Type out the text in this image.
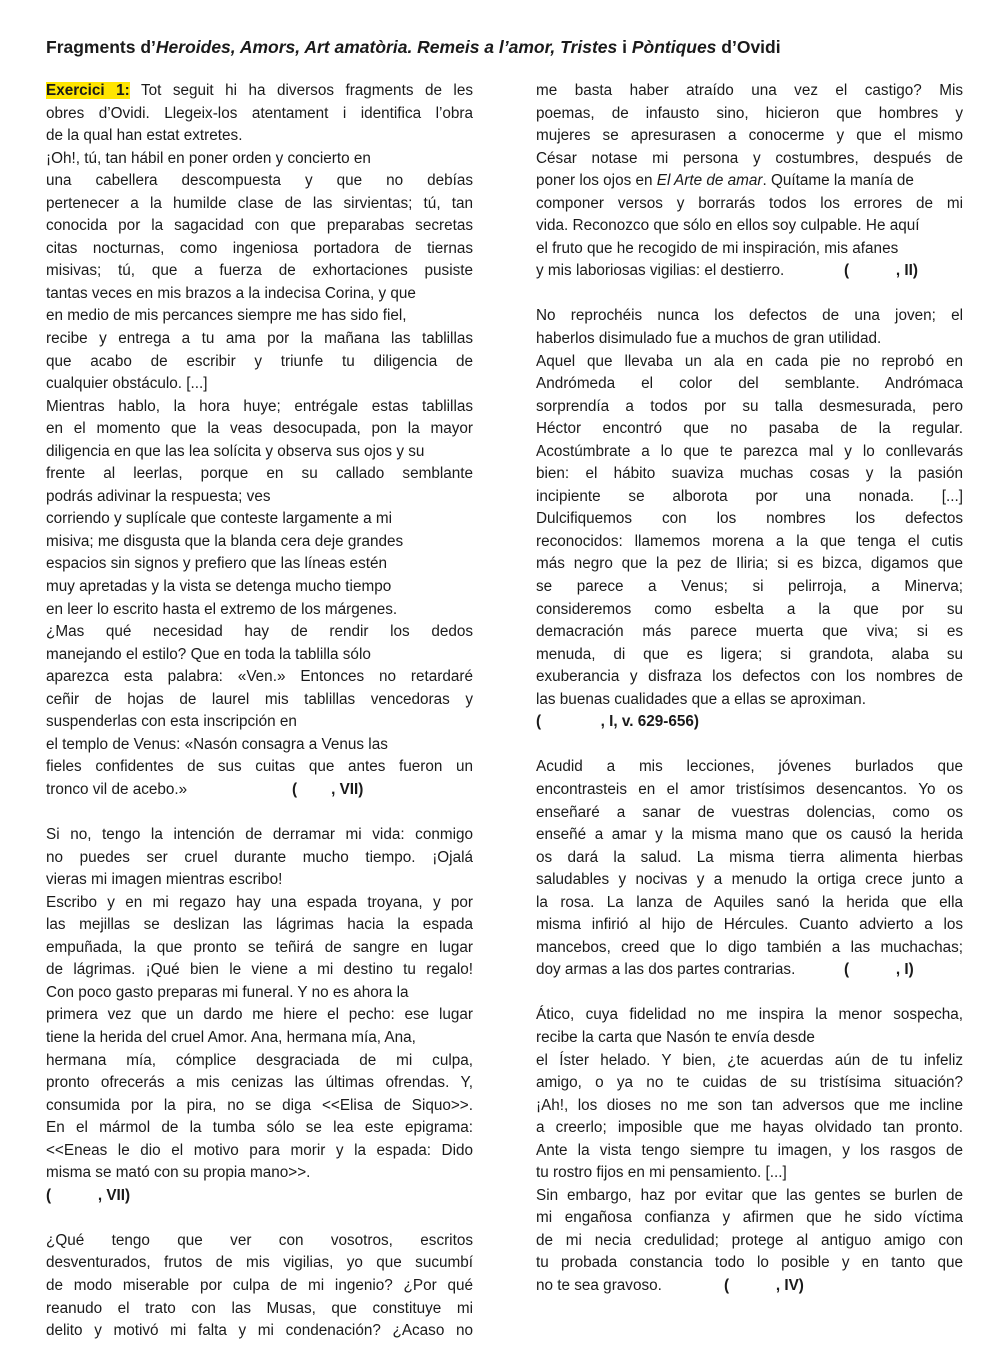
Fragments d’Heroides, Amors, Art amatòria. Remeis a l’amor, Tristes i Pòntiques d’Ovidi
Exercici 1: Tot seguit hi ha diversos fragments de les
obres d’Ovidi. Llegeix-los atentament i identifica l’obra
de la qual han estat extretes.
¡Oh!, tú, tan hábil en poner orden y concierto en
una cabellera descompuesta y que no debías
pertenecer a la humilde clase de las sirvientas; tú, tan
conocida por la sagacidad con que preparabas secretas
citas nocturnas, como ingeniosa portadora de tiernas
misivas; tú, que a fuerza de exhortaciones pusiste
tantas veces en mis brazos a la indecisa Corina, y que
en medio de mis percances siempre me has sido fiel,
recibe y entrega a tu ama por la mañana las tablillas
que acabo de escribir y triunfe tu diligencia de
cualquier obstáculo. [...]
Mientras hablo, la hora huye; entrégale estas tablillas
en el momento que la veas desocupada, pon la mayor
diligencia en que las lea solícita y observa sus ojos y su
frente al leerlas, porque en su callado semblante
podrás adivinar la respuesta; ves
corriendo y suplícale que conteste largamente a mi
misiva; me disgusta que la blanda cera deje grandes
espacios sin signos y prefiero que las líneas estén
muy apretadas y la vista se detenga mucho tiempo
en leer lo escrito hasta el extremo de los márgenes.
¿Mas qué necesidad hay de rendir los dedos
manejando el estilo? Que en toda la tablilla sólo
aparezca esta palabra: «Ven.» Entonces no retardaré
ceñir de hojas de laurel mis tablillas vencedoras y
suspenderlas con esta inscripción en
el templo de Venus: «Nasón consagra a Venus las
fieles confidentes de sus cuitas que antes fueron un
tronco vil de acebo.»	(        , VII)
Si no, tengo la intención de derramar mi vida: conmigo
no puedes ser cruel durante mucho tiempo. ¡Ojalá
vieras mi imagen mientras escribo!
Escribo y en mi regazo hay una espada troyana, y por
las mejillas se deslizan las lágrimas hacia la espada
empuñada, la que pronto se teñirá de sangre en lugar
de lágrimas. ¡Qué bien le viene a mi destino tu regalo!
Con poco gasto preparas mi funeral. Y no es ahora la
primera vez que un dardo me hiere el pecho: ese lugar
tiene la herida del cruel Amor. Ana, hermana mía, Ana,
hermana mía, cómplice desgraciada de mi culpa,
pronto ofrecerás a mis cenizas las últimas ofrendas. Y,
consumida por la pira, no se diga <<Elisa de Siquo>>.
En el mármol de la tumba sólo se lea este epigrama:
<<Eneas le dio el motivo para morir y la espada: Dido
misma se mató con su propia mano>>.
(           , VII)
¿Qué tengo que ver con vosotros, escritos
desventurados, frutos de mis vigilias, yo que sucumbí
de modo miserable por culpa de mi ingenio? ¿Por qué
reanudo el trato con las Musas, que constituye mi
delito y motivó mi falta y mi condenación? ¿Acaso no
me basta haber atraído una vez el castigo? Mis
poemas, de infausto sino, hicieron que hombres y
mujeres se apresurasen a conocerme y que el mismo
César notase mi persona y costumbres, después de
poner los ojos en El Arte de amar. Quítame la manía de
componer versos y borrarás todos los errores de mi
vida. Reconozco que sólo en ellos soy culpable. He aquí
el fruto que he recogido de mi inspiración, mis afanes
y mis laboriosas vigilias: el destierro.	(           , II)
No reprochéis nunca los defectos de una joven; el
haberlos disimulado fue a muchos de gran utilidad.
Aquel que llevaba un ala en cada pie no reprobó en
Andrómeda el color del semblante. Andrómaca
sorprendía a todos por su talla desmesurada, pero
Héctor encontró que no pasaba de la regular.
Acostúmbrate a lo que te parezca mal y lo conllevarás
bien: el hábito suaviza muchas cosas y la pasión
incipiente se alborota por una nonada. [...]
Dulcifiquemos con los nombres los defectos
reconocidos: llamemos morena a la que tenga el cutis
más negro que la pez de Iliria; si es bizca, digamos que
se parece a Venus; si pelirroja, a Minerva;
consideremos como esbelta a la que por su
demacración más parece muerta que viva; si es
menuda, di que es ligera; si grandota, alaba su
exuberancia y disfraza los defectos con los nombres de
las buenas cualidades que a ellas se aproximan.
(              , I, v. 629-656)
Acudid a mis lecciones, jóvenes burlados que
encontrasteis en el amor tristísimos desencantos. Yo os
enseñaré a sanar de vuestras dolencias, como os
enseñé a amar y la misma mano que os causó la herida
os dará la salud. La misma tierra alimenta hierbas
saludables y nocivas y a menudo la ortiga crece junto a
la rosa. La lanza de Aquiles sanó la herida que ella
misma infirió al hijo de Hércules. Cuanto advierto a los
mancebos, creed que lo digo también a las muchachas;
doy armas a las dos partes contrarias.	(           , I)
Ático, cuya fidelidad no me inspira la menor sospecha,
recibe la carta que Nasón te envía desde
el Íster helado. Y bien, ¿te acuerdas aún de tu infeliz
amigo, o ya no te cuidas de su tristísima situación?
¡Ah!, los dioses no me son tan adversos que me incline
a creerlo; imposible que me hayas olvidado tan pronto.
Ante la vista tengo siempre tu imagen, y los rasgos de
tu rostro fijos en mi pensamiento. [...]
Sin embargo, haz por evitar que las gentes se burlen de
mi engañosa confianza y afirmen que he sido víctima
de mi necia credulidad; protege al antiguo amigo con
tu probada constancia todo lo posible y en tanto que
no te sea gravoso.	(           , IV)
